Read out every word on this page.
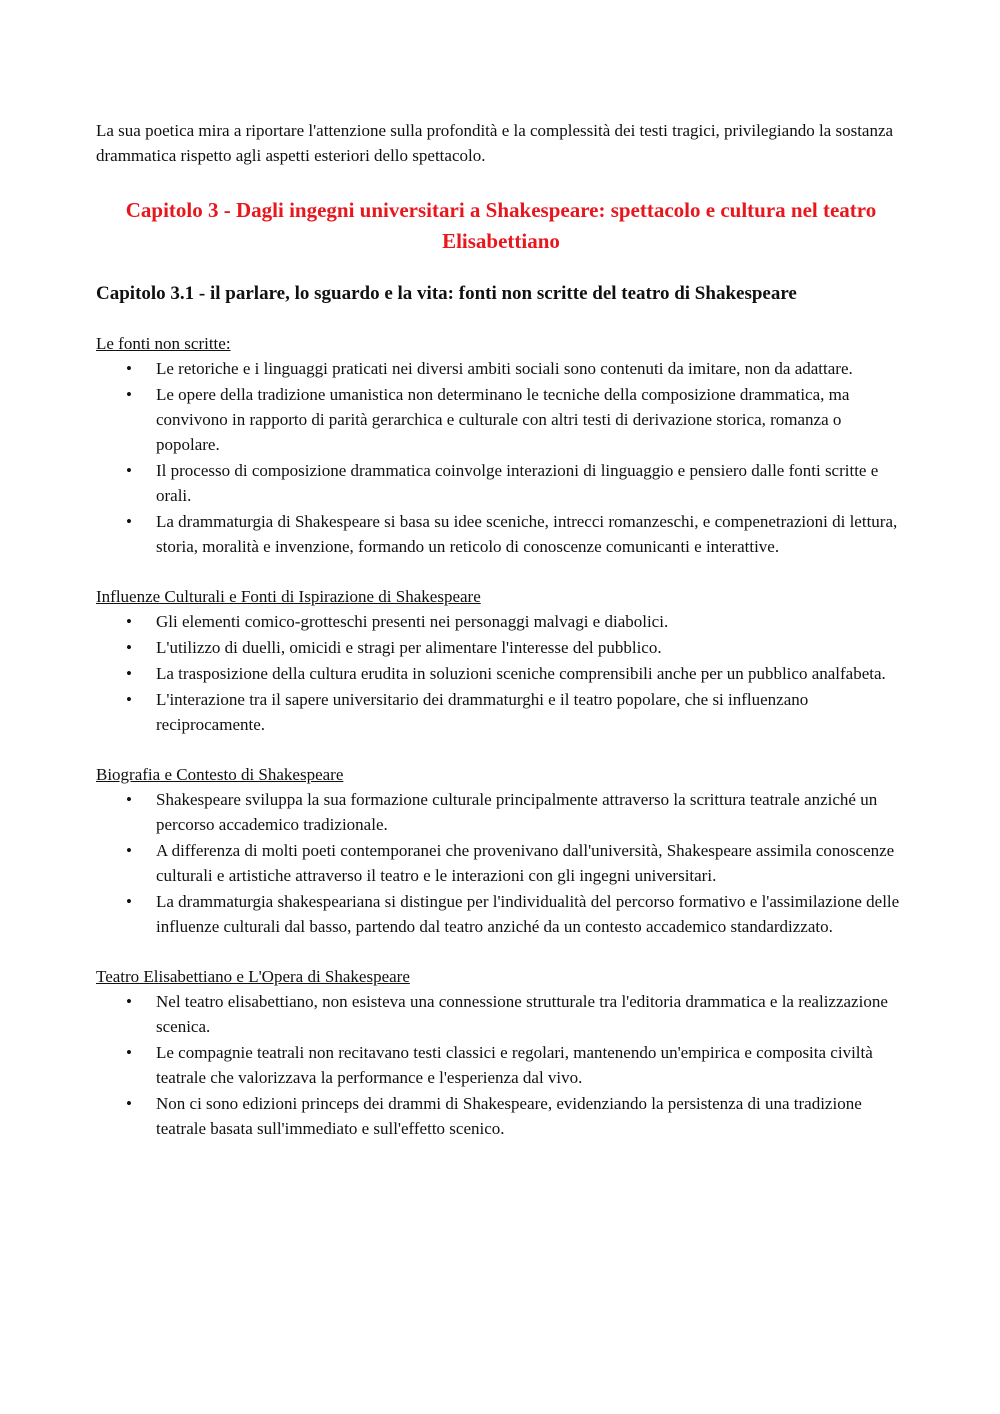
La sua poetica mira a riportare l'attenzione sulla profondità e la complessità dei testi tragici, privilegiando la sostanza drammatica rispetto agli aspetti esteriori dello spettacolo.

Capitolo 3 - Dagli ingegni universitari a Shakespeare: spettacolo e cultura nel teatro Elisabettiano
Capitolo 3.1 - il parlare, lo sguardo e la vita: fonti non scritte del teatro di Shakespeare

Le fonti non scritte:

• Le retoriche e i linguaggi praticati nei diversi ambiti sociali sono contenuti da imitare, non da adattare.
• Le opere della tradizione umanistica non determinano le tecniche della composizione drammatica, ma convivono in rapporto di parità gerarchica e culturale con altri testi di derivazione storica, romanza o popolare.
• Il processo di composizione drammatica coinvolge interazioni di linguaggio e pensiero dalle fonti scritte e orali.
• La drammaturgia di Shakespeare si basa su idee sceniche, intrecci romanzeschi, e compenetrazioni di lettura, storia, moralità e invenzione, formando un reticolo di conoscenze comunicanti e interattive.

Influenze Culturali e Fonti di Ispirazione di Shakespeare

• Gli elementi comico-grotteschi presenti nei personaggi malvagi e diabolici.
• L'utilizzo di duelli, omicidi e stragi per alimentare l'interesse del pubblico.
• La trasposizione della cultura erudita in soluzioni sceniche comprensibili anche per un pubblico analfabeta.
• L'interazione tra il sapere universitario dei drammaturghi e il teatro popolare, che si influenzano reciprocamente.

Biografia e Contesto di Shakespeare

• Shakespeare sviluppa la sua formazione culturale principalmente attraverso la scrittura teatrale anziché un percorso accademico tradizionale.
• A differenza di molti poeti contemporanei che provenivano dall'università, Shakespeare assimila conoscenze culturali e artistiche attraverso il teatro e le interazioni con gli ingegni universitari.
• La drammaturgia shakespeariana si distingue per l'individualità del percorso formativo e l'assimilazione delle influenze culturali dal basso, partendo dal teatro anziché da un contesto accademico standardizzato.

Teatro Elisabettiano e L'Opera di Shakespeare

• Nel teatro elisabettiano, non esisteva una connessione strutturale tra l'editoria drammatica e la realizzazione scenica.
• Le compagnie teatrali non recitavano testi classici e regolari, mantenendo un'empirica e composita civiltà teatrale che valorizzava la performance e l'esperienza dal vivo.
• Non ci sono edizioni princeps dei drammi di Shakespeare, evidenziando la persistenza di una tradizione teatrale basata sull'immediato e sull'effetto scenico.
